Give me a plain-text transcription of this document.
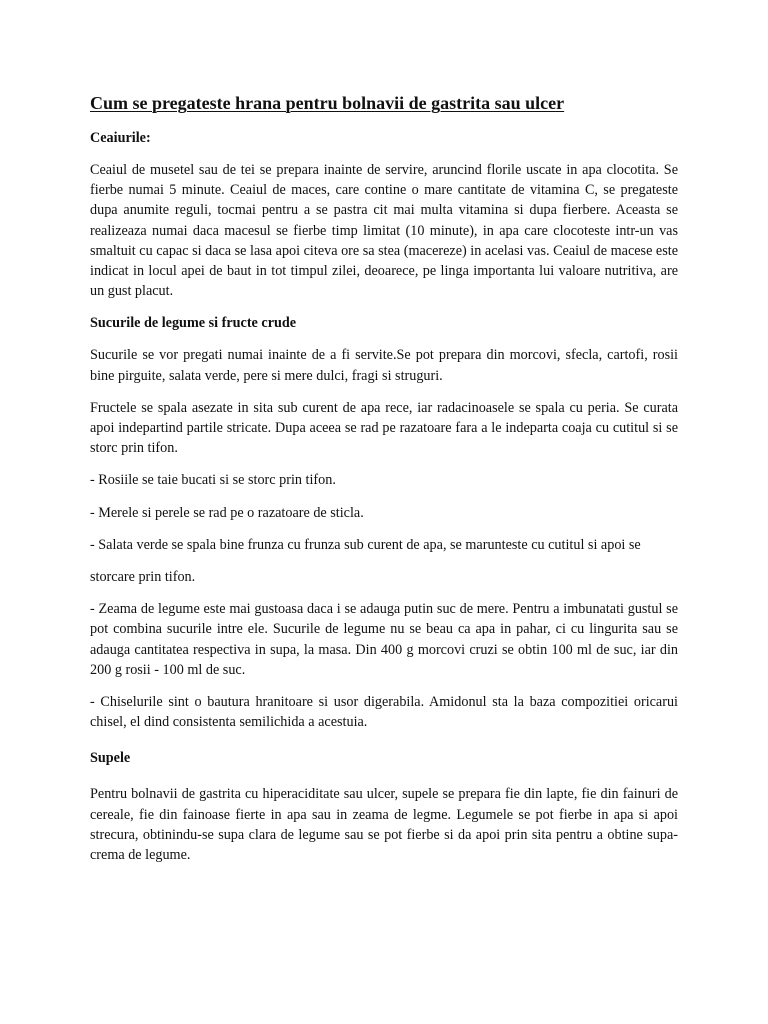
Cum se pregateste hrana pentru bolnavii de gastrita sau ulcer
Ceaiurile:
Ceaiul de musetel sau de tei se prepara inainte de servire, aruncind florile uscate in apa clocotita. Se fierbe numai 5 minute. Ceaiul de maces, care contine o mare cantitate de vitamina C, se pregateste dupa anumite reguli, tocmai pentru a se pastra cit mai multa vitamina si dupa fierbere. Aceasta se realizeaza numai daca macesul se fierbe timp limitat (10 minute), in apa care clocoteste intr-un vas smaltuit cu capac si daca se lasa apoi citeva ore sa stea (macereze) in acelasi vas. Ceaiul de macese este indicat in locul apei de baut in tot timpul zilei, deoarece, pe linga importanta lui valoare nutritiva, are un gust placut.
Sucurile de legume si fructe crude
Sucurile se vor pregati numai inainte de a fi servite.Se pot prepara din morcovi, sfecla, cartofi, rosii bine pirguite, salata verde, pere si mere dulci, fragi si struguri.
Fructele se spala asezate in sita sub curent de apa rece, iar radacinoasele se spala cu peria. Se curata apoi indepartind partile stricate. Dupa aceea se rad pe razatoare fara a le indeparta coaja cu cutitul si se storc prin tifon.
- Rosiile se taie bucati si se storc prin tifon.
- Merele si perele se rad pe o razatoare de sticla.
- Salata verde se spala bine frunza cu frunza sub curent de apa, se marunteste cu cutitul si apoi se
storcare prin tifon.
- Zeama de legume este mai gustoasa daca i se adauga putin suc de mere. Pentru a imbunatati gustul se pot combina sucurile intre ele. Sucurile de legume nu se beau ca apa in pahar, ci cu lingurita sau se adauga cantitatea respectiva in supa, la masa. Din 400 g morcovi cruzi se obtin 100 ml de suc, iar din 200 g rosii - 100 ml de suc.
- Chiselurile sint o bautura hranitoare si usor digerabila. Amidonul sta la baza compozitiei oricarui chisel, el dind consistenta semilichida a acestuia.
Supele
Pentru bolnavii de gastrita cu hiperaciditate sau ulcer, supele se prepara fie din lapte, fie din fainuri de cereale, fie din fainoase fierte in apa sau in zeama de legme. Legumele se pot fierbe in apa si apoi strecura, obtinindu-se supa clara de legume sau se pot fierbe si da apoi prin sita pentru a obtine supa-crema de legume.
